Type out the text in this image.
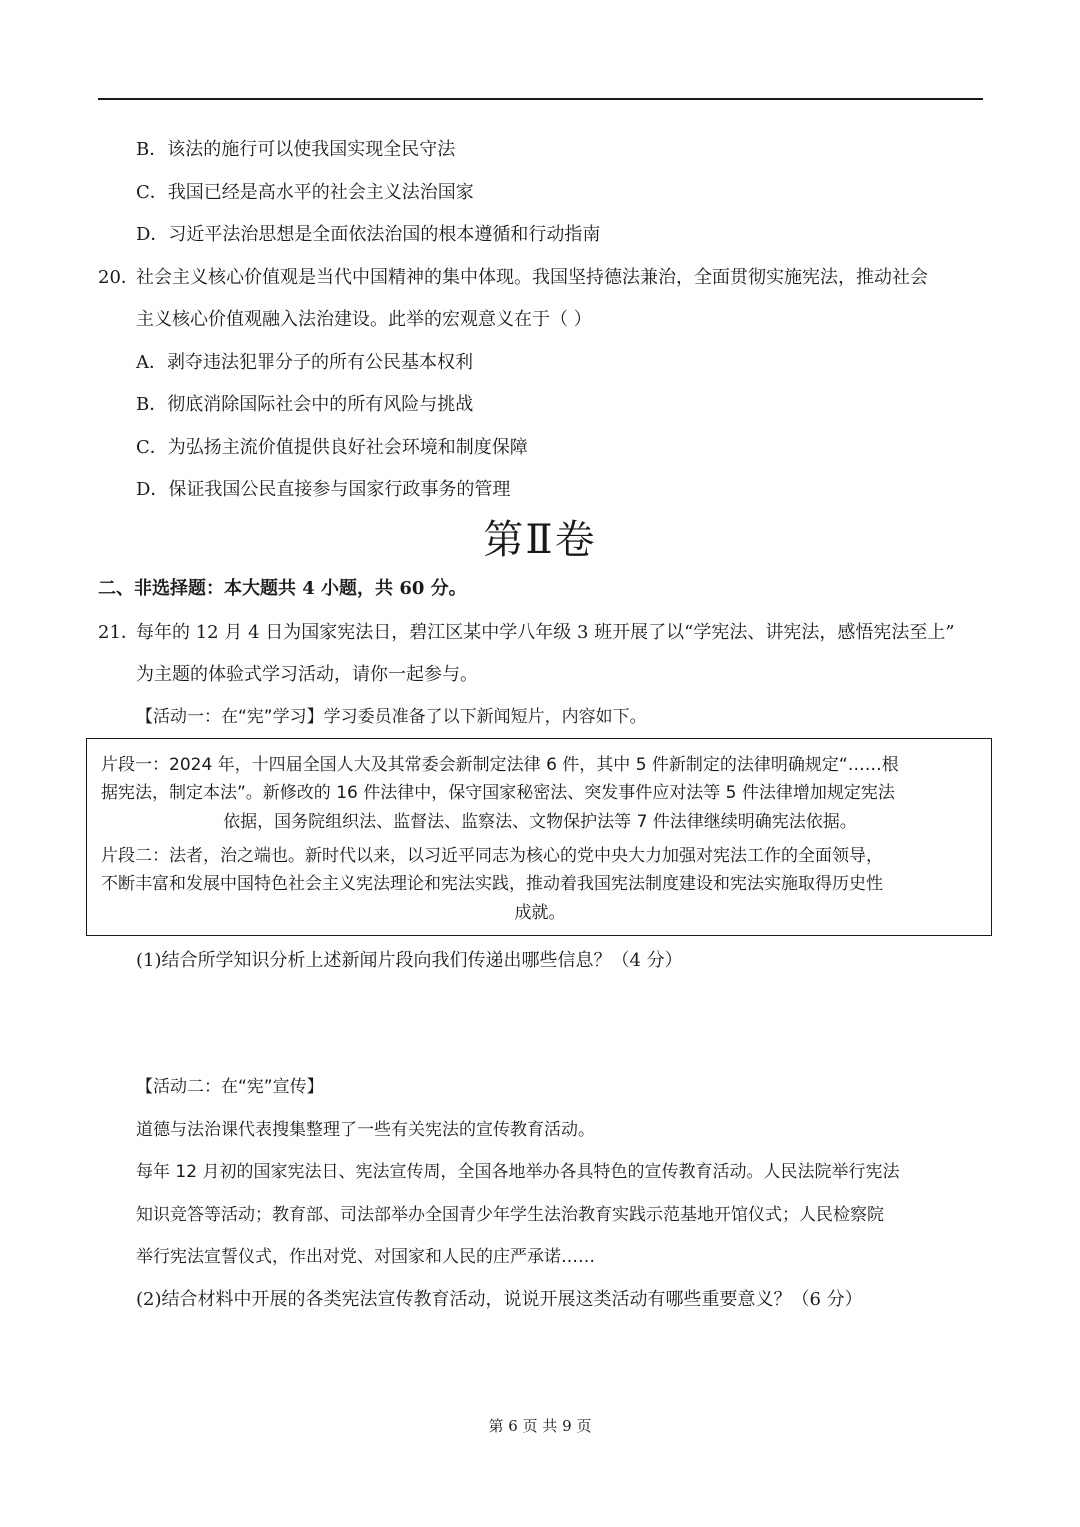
B．该法的施行可以使我国实现全民守法
C．我国已经是高水平的社会主义法治国家
D．习近平法治思想是全面依法治国的根本遵循和行动指南
20．
社会主义核心价值观是当代中国精神的集中体现。我国坚持德法兼治，全面贯彻实施宪法，推动社会
主义核心价值观融入法治建设。此举的宏观意义在于（ ）
A．剥夺违法犯罪分子的所有公民基本权利
B．彻底消除国际社会中的所有风险与挑战
C．为弘扬主流价值提供良好社会环境和制度保障
D．保证我国公民直接参与国家行政事务的管理
第Ⅱ卷
二、非选择题：本大题共 4 小题，共 60 分。
21．
每年的 12 月 4 日为国家宪法日，碧江区某中学八年级 3 班开展了以“学宪法、讲宪法，感悟宪法至上”
为主题的体验式学习活动，请你一起参与。
【活动一：在“宪”学习】学习委员准备了以下新闻短片，内容如下。
片段一：2024 年，十四届全国人大及其常委会新制定法律 6 件，其中 5 件新制定的法律明确规定“……根
据宪法，制定本法”。新修改的 16 件法律中，保守国家秘密法、突发事件应对法等 5 件法律增加规定宪法
依据，国务院组织法、监督法、监察法、文物保护法等 7 件法律继续明确宪法依据。
片段二：法者，治之端也。新时代以来，以习近平同志为核心的党中央大力加强对宪法工作的全面领导，
不断丰富和发展中国特色社会主义宪法理论和宪法实践，推动着我国宪法制度建设和宪法实施取得历史性
成就。
(1)结合所学知识分析上述新闻片段向我们传递出哪些信息？（4 分）
【活动二：在“宪”宣传】
道德与法治课代表搜集整理了一些有关宪法的宣传教育活动。
每年 12 月初的国家宪法日、宪法宣传周，全国各地举办各具特色的宣传教育活动。人民法院举行宪法
知识竞答等活动；教育部、司法部举办全国青少年学生法治教育实践示范基地开馆仪式；人民检察院
举行宪法宣誓仪式，作出对党、对国家和人民的庄严承诺……
(2)结合材料中开展的各类宪法宣传教育活动，说说开展这类活动有哪些重要意义？（6 分）
第 6 页 共 9 页
